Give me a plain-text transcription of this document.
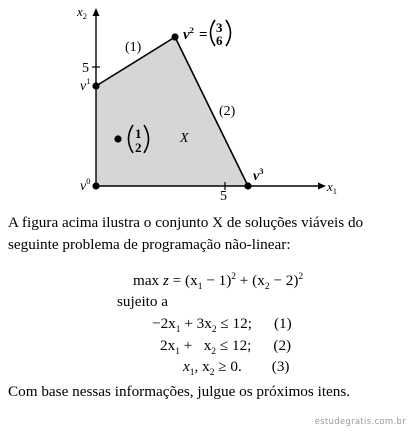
$x_2$
$x_1$
5
5
$v^0$
$v^1$
$v^3$
$v^2 = 3$
6
1
2
(1)
(2)
X

A figura acima ilustra o conjunto X de soluções viáveis do seguinte problema de programação não-linear:

$\max z = (x_1 - 1)^2 + (x_2 - 2)^2$
sujeito a
$-2x_1 + 3x_2 \le 12$; (1)
$2x_1 + x_2 \le 12$; (2)
$x_1$, $x_2 \ge 0$. (3)

Com base nessas informações, julgue os próximos itens.

estudegratis.com.br
